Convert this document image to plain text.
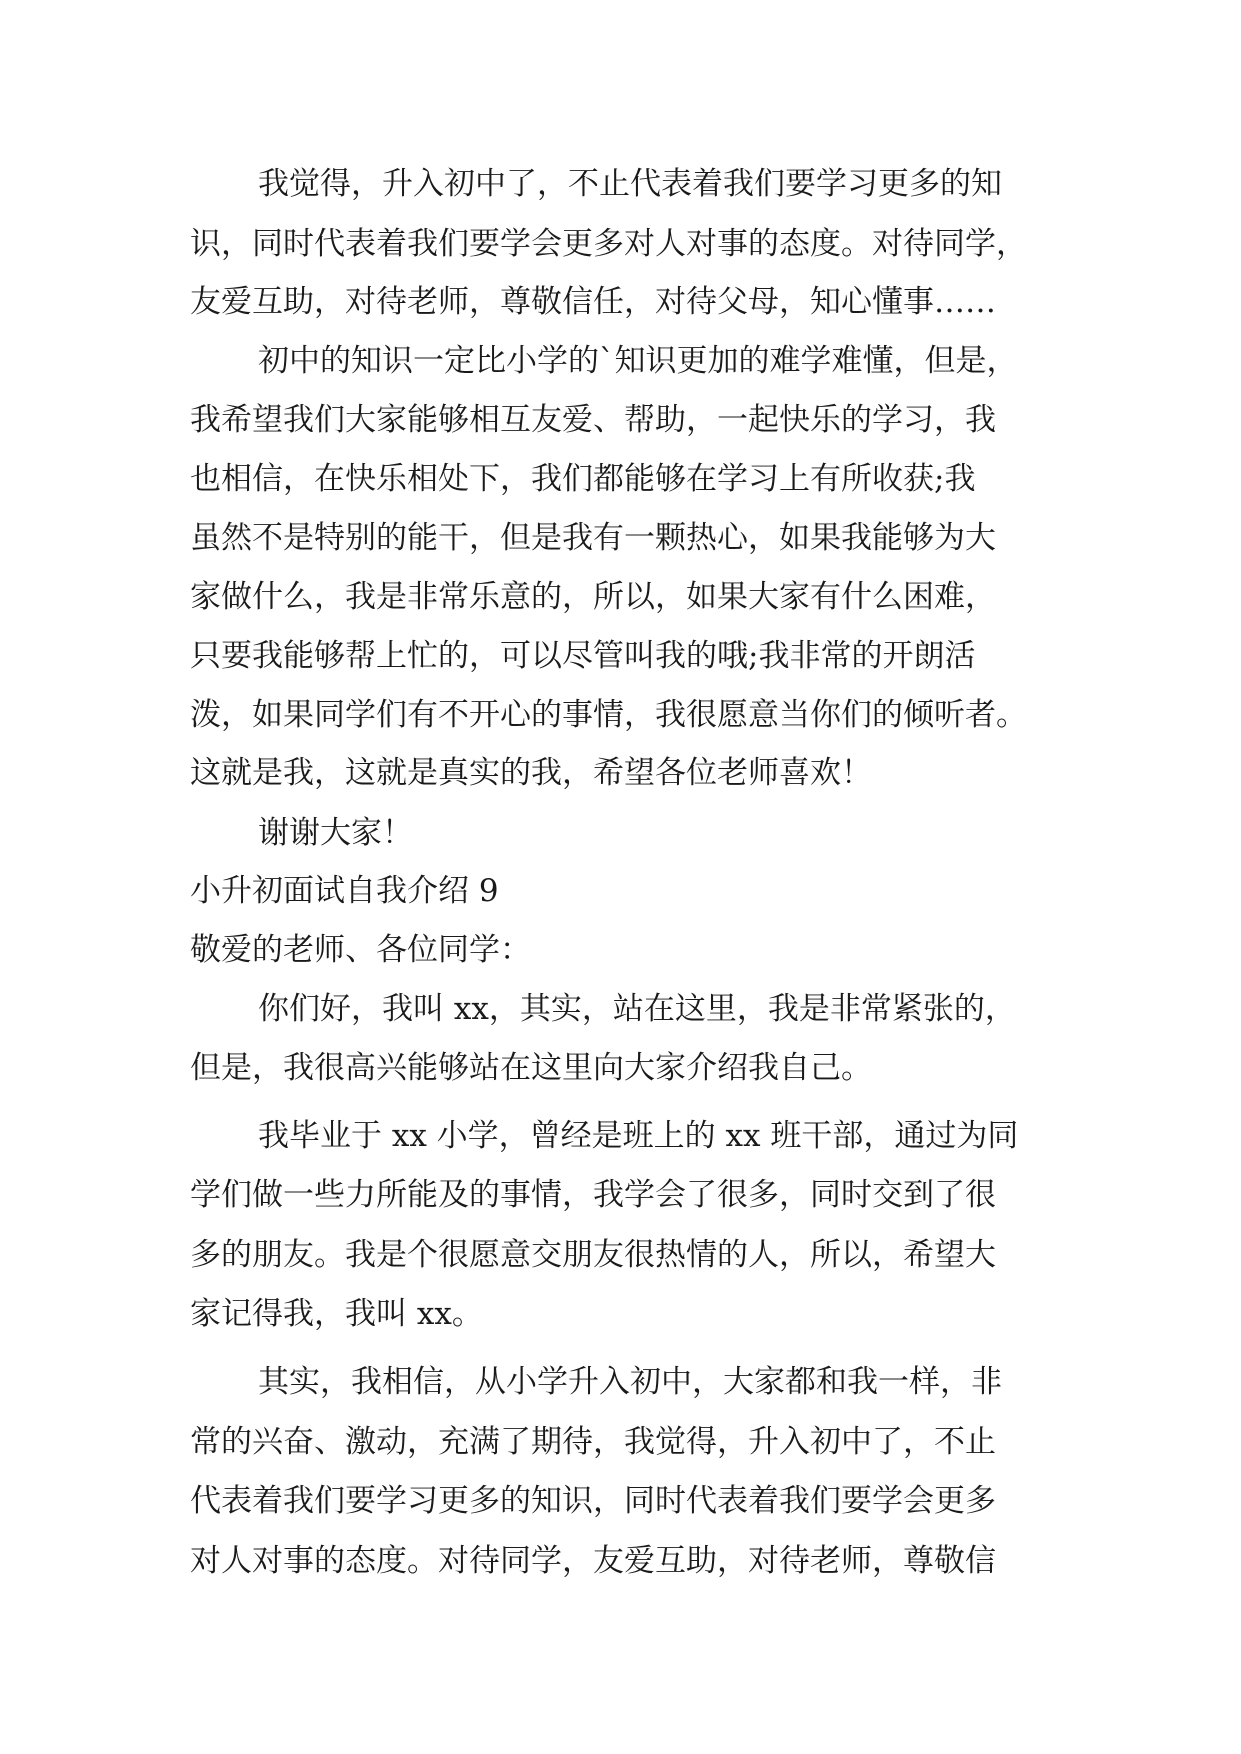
我觉得，升入初中了，不止代表着我们要学习更多的知

识，同时代表着我们要学会更多对人对事的态度。对待同学，

友爱互助，对待老师，尊敬信任，对待父母，知心懂事……

初中的知识一定比小学的`知识更加的难学难懂，但是，

我希望我们大家能够相互友爱、帮助，一起快乐的学习，我

也相信，在快乐相处下，我们都能够在学习上有所收获;我

虽然不是特别的能干，但是我有一颗热心，如果我能够为大

家做什么，我是非常乐意的，所以，如果大家有什么困难，

只要我能够帮上忙的，可以尽管叫我的哦;我非常的开朗活

泼，如果同学们有不开心的事情，我很愿意当你们的倾听者。

这就是我，这就是真实的我，希望各位老师喜欢！

谢谢大家！

小升初面试自我介绍 9

敬爱的老师、各位同学：

你们好，我叫 xx，其实，站在这里，我是非常紧张的，

但是，我很高兴能够站在这里向大家介绍我自己。

我毕业于 xx 小学，曾经是班上的 xx 班干部，通过为同

学们做一些力所能及的事情，我学会了很多，同时交到了很

多的朋友。我是个很愿意交朋友很热情的人，所以，希望大

家记得我，我叫 xx。

其实，我相信，从小学升入初中，大家都和我一样，非

常的兴奋、激动，充满了期待，我觉得，升入初中了，不止

代表着我们要学习更多的知识，同时代表着我们要学会更多

对人对事的态度。对待同学，友爱互助，对待老师，尊敬信
